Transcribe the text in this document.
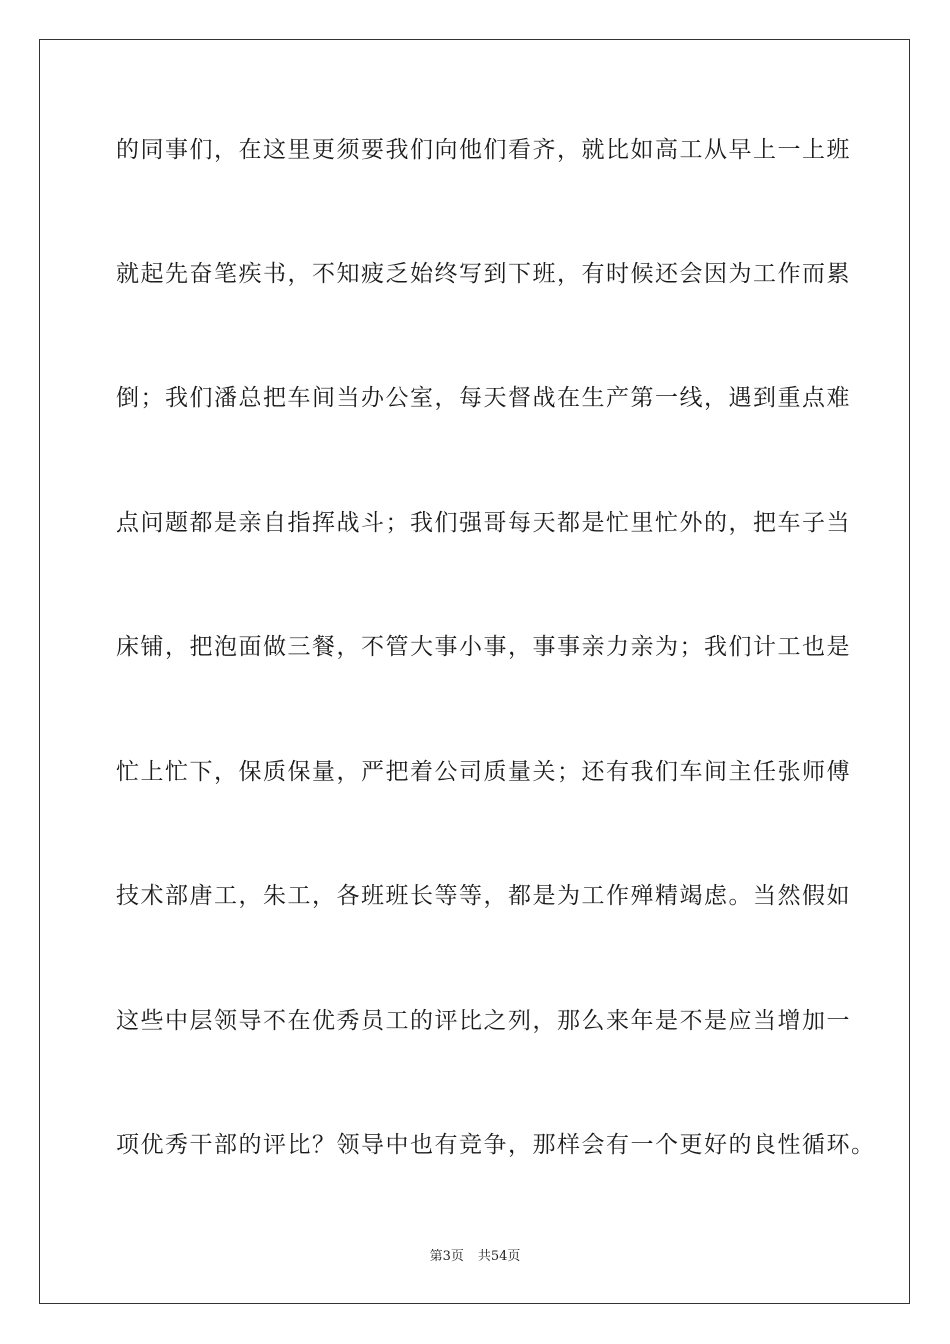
的同事们，在这里更须要我们向他们看齐，就比如高工从早上一上班
就起先奋笔疾书，不知疲乏始终写到下班，有时候还会因为工作而累
倒；我们潘总把车间当办公室，每天督战在生产第一线，遇到重点难
点问题都是亲自指挥战斗；我们强哥每天都是忙里忙外的，把车子当
床铺，把泡面做三餐，不管大事小事，事事亲力亲为；我们计工也是
忙上忙下，保质保量，严把着公司质量关；还有我们车间主任张师傅
技术部唐工，朱工，各班班长等等，都是为工作殚精竭虑。当然假如
这些中层领导不在优秀员工的评比之列，那么来年是不是应当增加一
项优秀干部的评比？领导中也有竞争，那样会有一个更好的良性循环。
第3页 共54页
